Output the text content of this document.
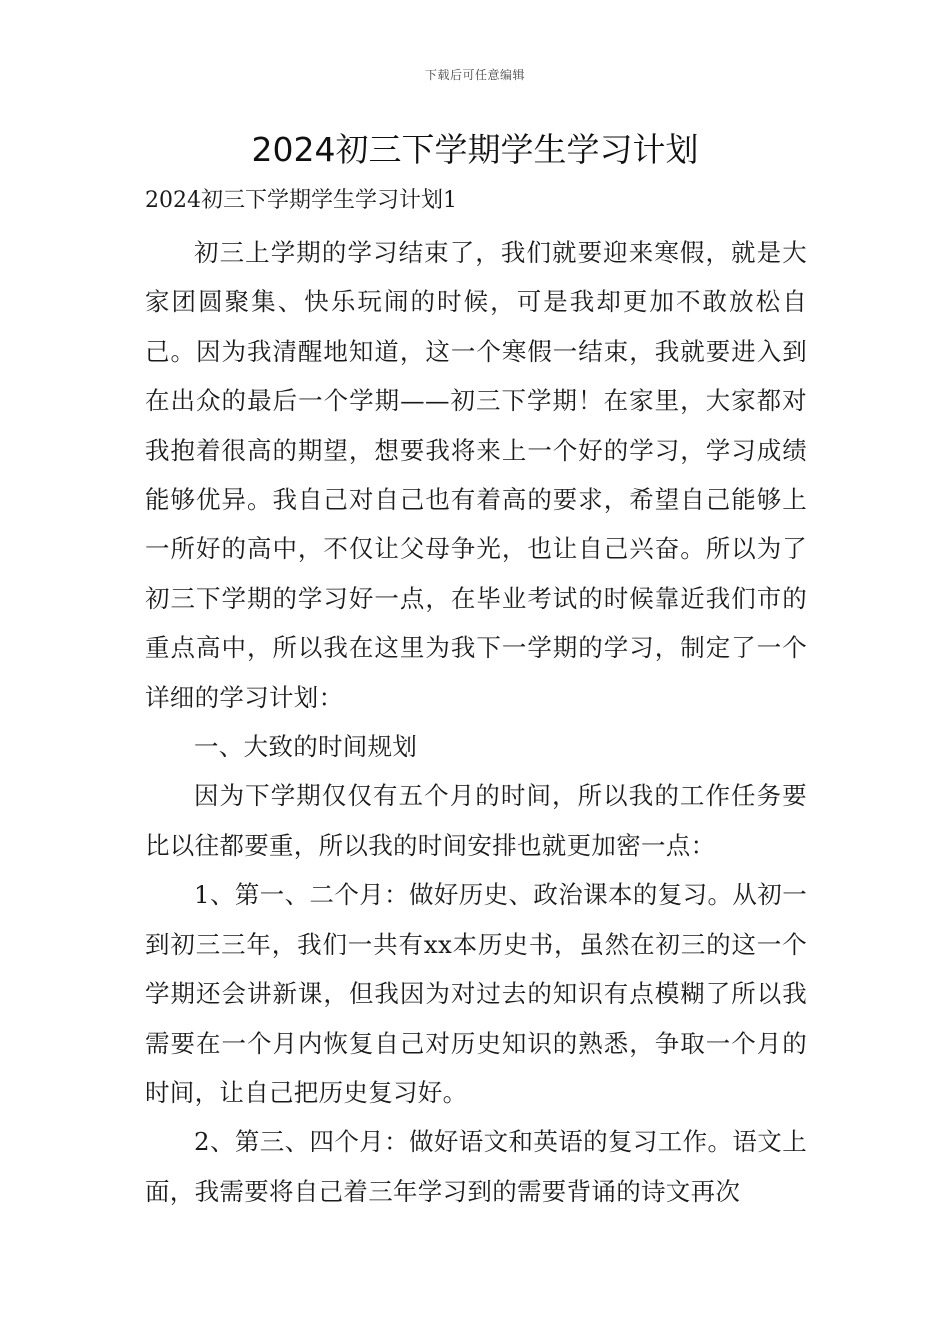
下载后可任意编辑
2024初三下学期学生学习计划

2024初三下学期学生学习计划1

初三上学期的学习结束了，我们就要迎来寒假，就是大家团圆聚集、快乐玩闹的时候，可是我却更加不敢放松自己。因为我清醒地知道，这一个寒假一结束，我就要进入到在出众的最后一个学期——初三下学期！在家里，大家都对我抱着很高的期望，想要我将来上一个好的学习，学习成绩能够优异。我自己对自己也有着高的要求，希望自己能够上一所好的高中，不仅让父母争光，也让自己兴奋。所以为了初三下学期的学习好一点，在毕业考试的时候靠近我们市的重点高中，所以我在这里为我下一学期的学习，制定了一个详细的学习计划：

一、大致的时间规划

因为下学期仅仅有五个月的时间，所以我的工作任务要比以往都要重，所以我的时间安排也就更加密一点：

1、第一、二个月：做好历史、政治课本的复习。从初一到初三三年，我们一共有xx本历史书，虽然在初三的这一个学期还会讲新课，但我因为对过去的知识有点模糊了所以我需要在一个月内恢复自己对历史知识的熟悉，争取一个月的时间，让自己把历史复习好。

2、第三、四个月：做好语文和英语的复习工作。语文上面，我需要将自己着三年学习到的需要背诵的诗文再次
